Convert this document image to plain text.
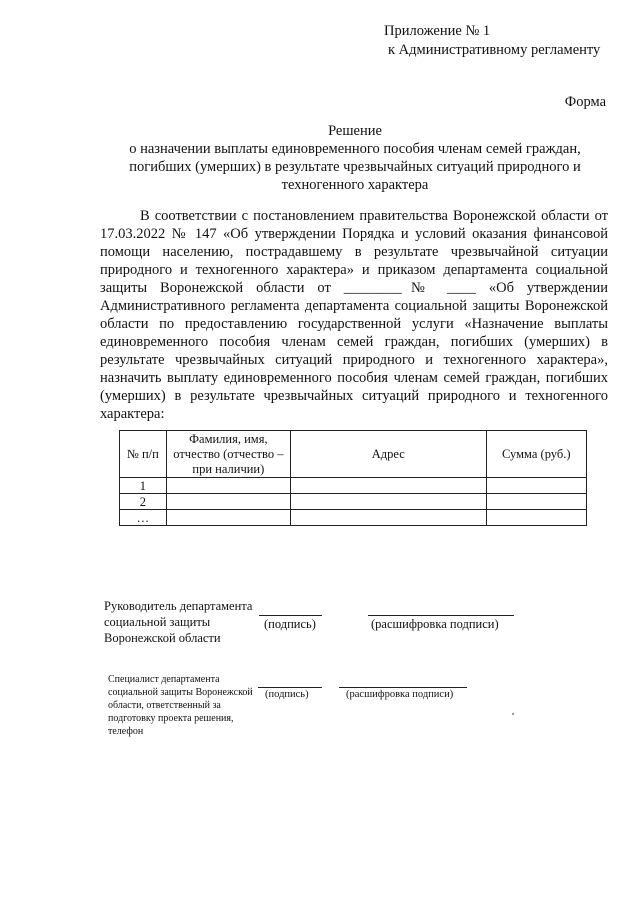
Приложение № 1
к Административному регламенту
Форма
Решение
о назначении выплаты единовременного пособия членам семей граждан,
погибших (умерших) в результате чрезвычайных ситуаций природного и
техногенного характера
В соответствии с постановлением правительства Воронежской области от 17.03.2022 № 147 «Об утверждении Порядка и условий оказания финансовой помощи населению, пострадавшему в результате чрезвычайной ситуации природного и техногенного характера» и приказом департамента социальной защиты Воронежской области от ________№ ____ «Об утверждении Административного регламента департамента социальной защиты Воронежской области по предоставлению государственной услуги «Назначение выплаты единовременного пособия членам семей граждан, погибших (умерших) в результате чрезвычайных ситуаций природного и техногенного характера», назначить выплату единовременного пособия членам семей граждан, погибших (умерших) в результате чрезвычайных ситуаций природного и техногенного характера:
№ п/п	Фамилия, имя, отчество (отчество – при наличии)	Адрес	Сумма (руб.)
1			
2			
…			
Руководитель департамента социальной защиты Воронежской области
(подпись)	(расшифровка подписи)
Специалист департамента социальной защиты Воронежской области, ответственный за подготовку проекта решения, телефон
(подпись)	(расшифровка подписи)
